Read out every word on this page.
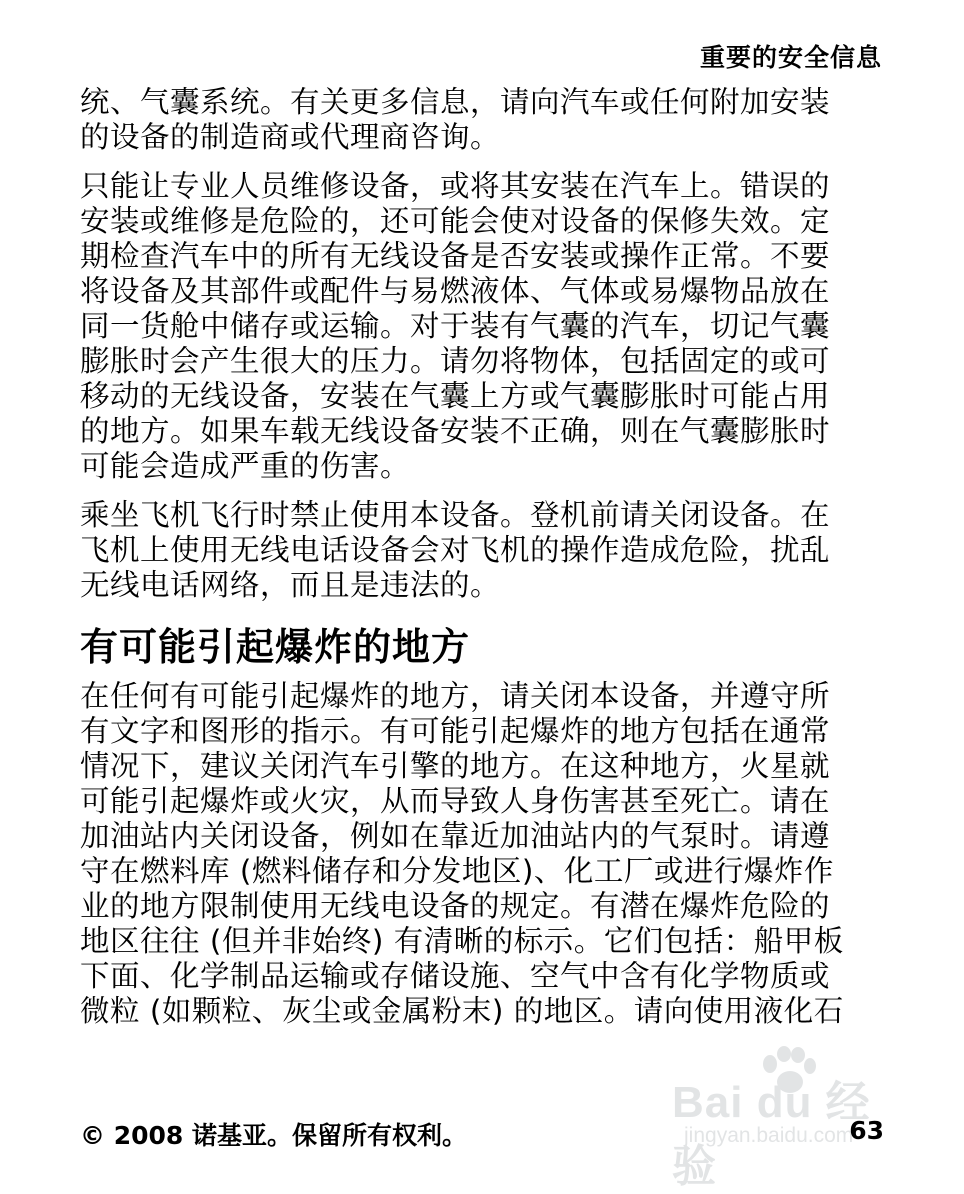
重要的安全信息

统、气囊系统。有关更多信息，请向汽车或任何附加安装
的设备的制造商或代理商咨询。

只能让专业人员维修设备，或将其安装在汽车上。错误的
安装或维修是危险的，还可能会使对设备的保修失效。定
期检查汽车中的所有无线设备是否安装或操作正常。不要
将设备及其部件或配件与易燃液体、气体或易爆物品放在
同一货舱中储存或运输。对于装有气囊的汽车，切记气囊
膨胀时会产生很大的压力。请勿将物体，包括固定的或可
移动的无线设备，安装在气囊上方或气囊膨胀时可能占用
的地方。如果车载无线设备安装不正确，则在气囊膨胀时
可能会造成严重的伤害。

乘坐飞机飞行时禁止使用本设备。登机前请关闭设备。在
飞机上使用无线电话设备会对飞机的操作造成危险，扰乱
无线电话网络，而且是违法的。

有可能引起爆炸的地方

在任何有可能引起爆炸的地方，请关闭本设备，并遵守所
有文字和图形的指示。有可能引起爆炸的地方包括在通常
情况下，建议关闭汽车引擎的地方。在这种地方，火星就
可能引起爆炸或火灾，从而导致人身伤害甚至死亡。请在
加油站内关闭设备，例如在靠近加油站内的气泵时。请遵
守在燃料库 (燃料储存和分发地区)、化工厂或进行爆炸作
业的地方限制使用无线电设备的规定。有潜在爆炸危险的
地区往往 (但并非始终) 有清晰的标示。它们包括：船甲板
下面、化学制品运输或存储设施、空气中含有化学物质或
微粒 (如颗粒、灰尘或金属粉末) 的地区。请向使用液化石

Bai du 经验
jingyan.baidu.com
© 2008 诺基亚。保留所有权利。	63
